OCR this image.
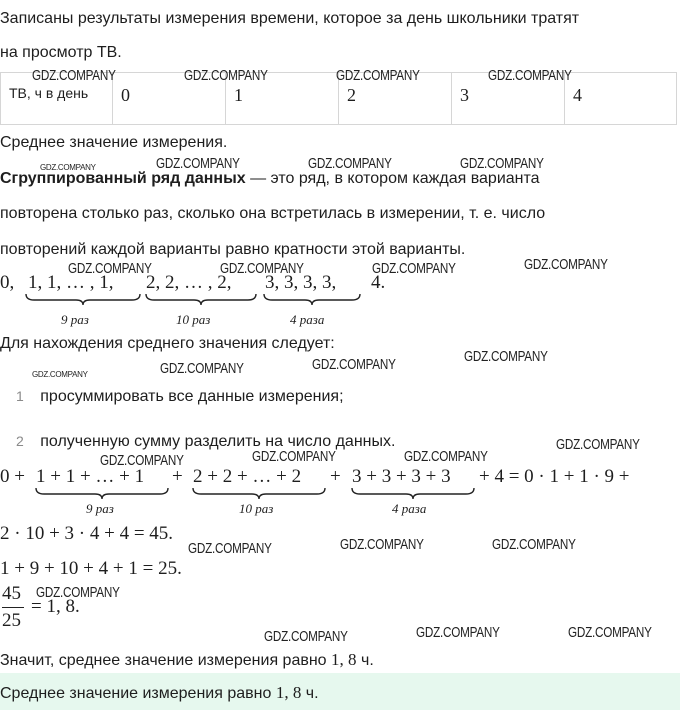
Записаны результаты измерения времени, которое за день школьники тратят
на просмотр ТВ.
ТВ, ч в день	0	1	2	3	4
Среднее значение измерения.
Сгруппированный ряд данных — это ряд, в котором каждая варианта
повторена столько раз, сколько она встретилась в измерении, т. е. число
повторений каждой варианты равно кратности этой варианты.
0, 1, 1, … , 1, 2, 2, … , 2, 3, 3, 3, 3, 4.
9 раз	10 раз	4 раза
Для нахождения среднего значения следует:
1 просуммировать все данные измерения;
2 полученную сумму разделить на число данных.
0 + 1 + 1 + … + 1 + 2 + 2 + … + 2 + 3 + 3 + 3 + 3 + 4 = 0 · 1 + 1 · 9 +
9 раз	10 раз	4 раза
2 · 10 + 3 · 4 + 4 = 45.
1 + 9 + 10 + 4 + 1 = 25.
45
25
= 1, 8.
Значит, среднее значение измерения равно 1, 8 ч.
Среднее значение измерения равно 1, 8 ч.
GDZ.COMPANY	GDZ.COMPANY	GDZ.COMPANY	GDZ.COMPANY
GDZ.COMPANY	GDZ.COMPANY	GDZ.COMPANY	GDZ.COMPANY
GDZ.COMPANY	GDZ.COMPANY	GDZ.COMPANY	GDZ.COMPANY
GDZ.COMPANY
GDZ.COMPANY	GDZ.COMPANY	GDZ.COMPANY
GDZ.COMPANY
GDZ.COMPANY	GDZ.COMPANY	GDZ.COMPANY
GDZ.COMPANY	GDZ.COMPANY	GDZ.COMPANY
GDZ.COMPANY
GDZ.COMPANY	GDZ.COMPANY	GDZ.COMPANY
